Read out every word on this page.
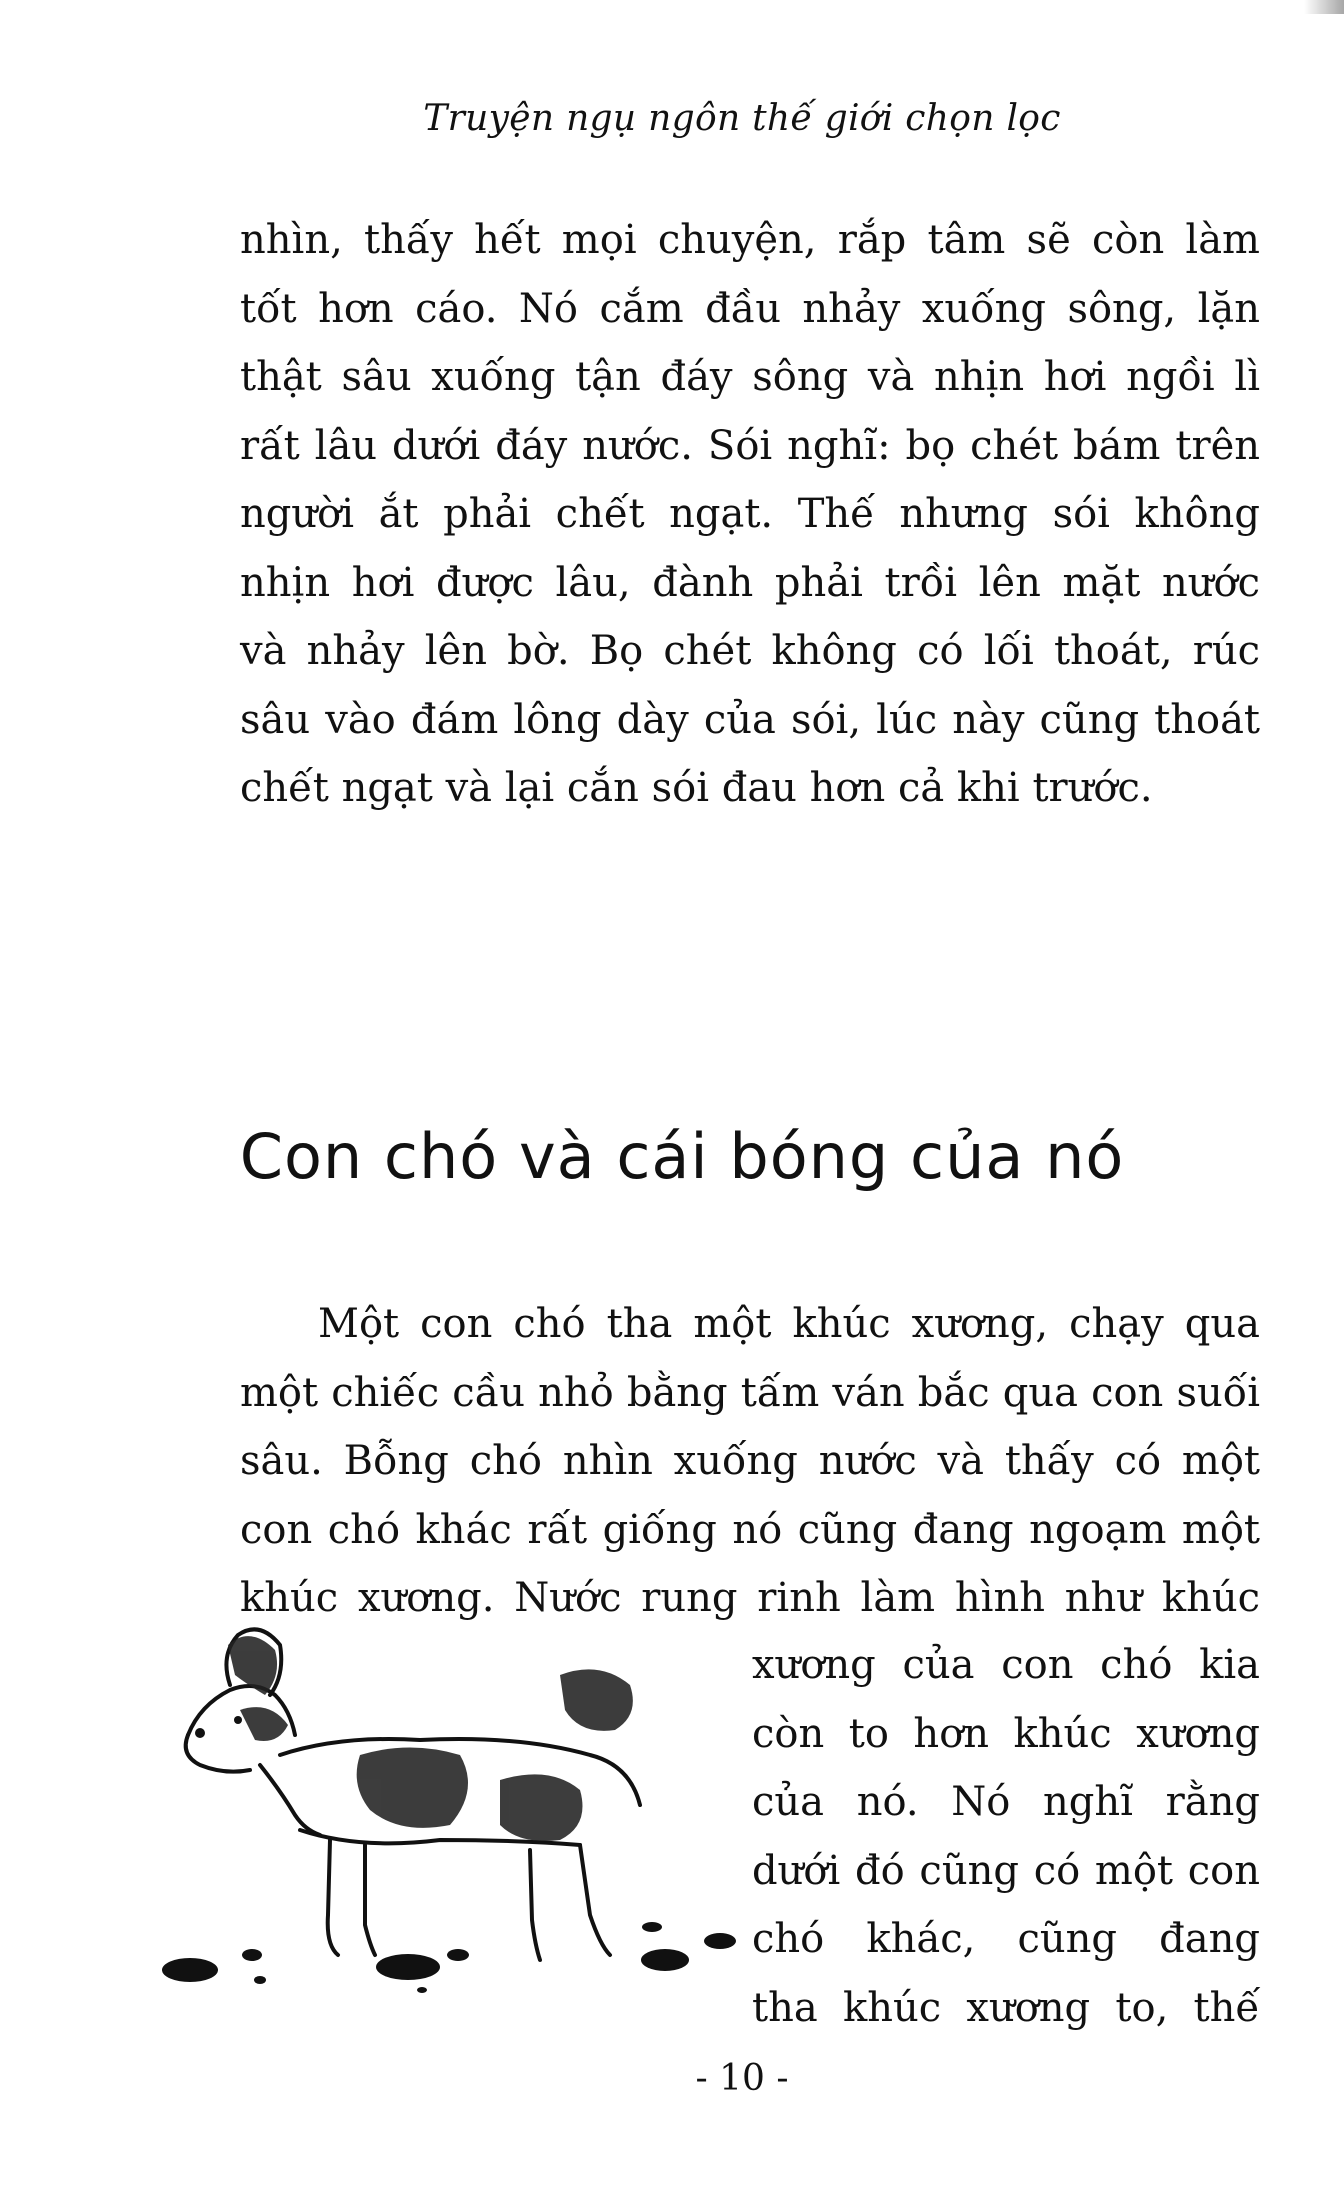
Truyện ngụ ngôn thế giới chọn lọc
nhìn, thấy hết mọi chuyện, rắp tâm sẽ còn làm
tốt hơn cáo. Nó cắm đầu nhảy xuống sông, lặn
thật sâu xuống tận đáy sông và nhịn hơi ngồi lì
rất lâu dưới đáy nước. Sói nghĩ: bọ chét bám trên
người ắt phải chết ngạt. Thế nhưng sói không
nhịn hơi được lâu, đành phải trồi lên mặt nước
và nhảy lên bờ. Bọ chét không có lối thoát, rúc
sâu vào đám lông dày của sói, lúc này cũng thoát
chết ngạt và lại cắn sói đau hơn cả khi trước.
Con chó và cái bóng của nó
Một con chó tha một khúc xương, chạy qua
một chiếc cầu nhỏ bằng tấm ván bắc qua con suối
sâu. Bỗng chó nhìn xuống nước và thấy có một
con chó khác rất giống nó cũng đang ngoạm một
khúc xương. Nước rung rinh làm hình như khúc
xương của con chó kia
còn to hơn khúc xương
của nó. Nó nghĩ rằng
dưới đó cũng có một con
chó khác, cũng đang
tha khúc xương to, thế
- 10 -
